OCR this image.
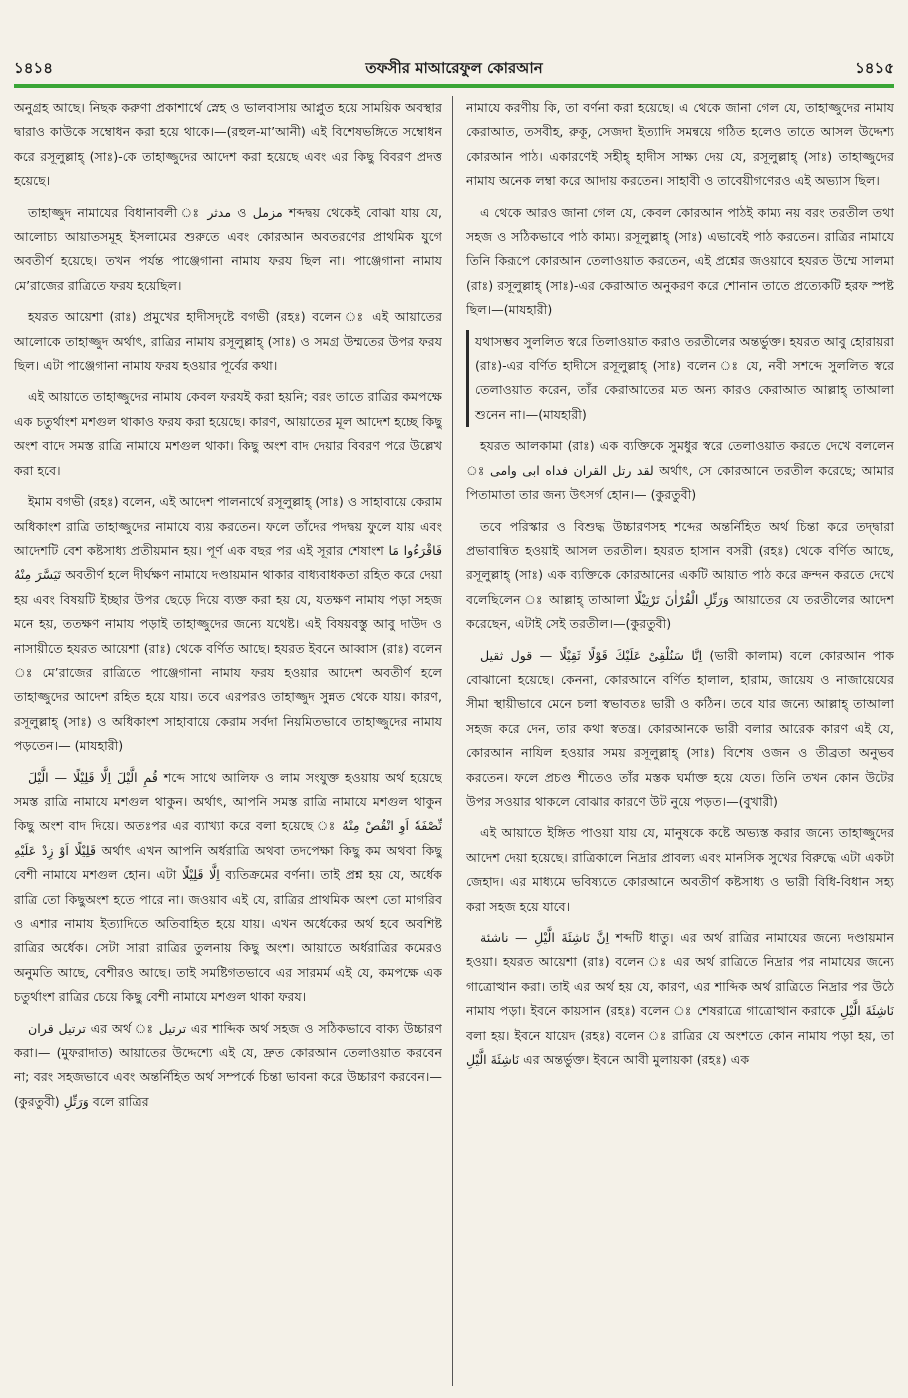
১৪১৪	তফসীর মাআরেফুল কোরআন	১৪১৫

অনুগ্রহ আছে। নিছক করুণা প্রকাশার্থে স্নেহ ও ভালবাসায় আপ্লুত হয়ে সাময়িক অবস্থার দ্বারাও কাউকে সম্বোধন করা হয়ে থাকে।—(রহুল-মা’আনী) এই বিশেষভঙ্গিতে সম্বোধন করে রসূলুল্লাহ্ (সাঃ)-কে তাহাজ্জুদের আদেশ করা হয়েছে এবং এর কিছু বিবরণ প্রদত্ত হয়েছে।

তাহাজ্জুদ নামাযের বিধানাবলী ঃ مدثر ও مزمل শব্দদ্বয় থেকেই বোঝা যায় যে, আলোচ্য আয়াতসমূহ ইসলামের শুরুতে এবং কোরআন অবতরণের প্রাথমিক যুগে অবতীর্ণ হয়েছে। তখন পর্যন্ত পাঞ্জেগানা নামায ফরয ছিল না। পাঞ্জেগানা নামায মে’রাজের রাত্রিতে ফরয হয়েছিল।

হযরত আয়েশা (রাঃ) প্রমুখের হাদীসদৃষ্টে বগভী (রহঃ) বলেন ঃ এই আয়াতের আলোকে তাহাজ্জুদ অর্থাৎ, রাত্রির নামায রসূলুল্লাহ্ (সাঃ) ও সমগ্র উম্মতের উপর ফরয ছিল। এটা পাঞ্জেগানা নামায ফরয হওয়ার পূর্বের কথা।

এই আয়াতে তাহাজ্জুদের নামায কেবল ফরযই করা হয়নি; বরং তাতে রাত্রির কমপক্ষে এক চতুর্থাংশ মশগুল থাকাও ফরয করা হয়েছে। কারণ, আয়াতের মূল আদেশ হচ্ছে কিছু অংশ বাদে সমস্ত রাত্রি নামাযে মশগুল থাকা। কিছু অংশ বাদ দেয়ার বিবরণ পরে উল্লেখ করা হবে।

ইমাম বগভী (রহঃ) বলেন, এই আদেশ পালনার্থে রসূলুল্লাহ্ (সাঃ) ও সাহাবায়ে কেরাম অধিকাংশ রাত্রি তাহাজ্জুদের নামাযে ব্যয় করতেন। ফলে তাঁদের পদদ্বয় ফুলে যায় এবং আদেশটি বেশ কষ্টসাধ্য প্রতীয়মান হয়। পূর্ণ এক বছর পর এই সূরার শেষাংশ فَاقْرَءُوا مَا تَيَسَّرَ مِنْهُ অবতীর্ণ হলে দীর্ঘক্ষণ নামাযে দণ্ডায়মান থাকার বাধ্যবাধকতা রহিত করে দেয়া হয় এবং বিষয়টি ইচ্ছার উপর ছেড়ে দিয়ে ব্যক্ত করা হয় যে, যতক্ষণ নামায পড়া সহজ মনে হয়, ততক্ষণ নামায পড়াই তাহাজ্জুদের জন্যে যথেষ্ট। এই বিষয়বস্তু আবু দাউদ ও নাসায়ীতে হযরত আয়েশা (রাঃ) থেকে বর্ণিত আছে। হযরত ইবনে আব্বাস (রাঃ) বলেন ঃ মে’রাজের রাত্রিতে পাঞ্জেগানা নামায ফরয হওয়ার আদেশ অবতীর্ণ হলে তাহাজ্জুদের আদেশ রহিত হয়ে যায়। তবে এরপরও তাহাজ্জুদ সুন্নত থেকে যায়। কারণ, রসূলুল্লাহ্ (সাঃ) ও অধিকাংশ সাহাবায়ে কেরাম সর্বদা নিয়মিতভাবে তাহাজ্জুদের নামায পড়তেন।— (মাযহারী)

قُمِ الَّيْلَ اِلَّا قَلِيْلًا — الَّيْلَ শব্দে সাথে আলিফ ও লাম সংযুক্ত হওয়ায় অর্থ হয়েছে সমস্ত রাত্রি নামাযে মশগুল থাকুন। অর্থাৎ, আপনি সমস্ত রাত্রি নামাযে মশগুল থাকুন কিছু অংশ বাদ দিয়ে। অতঃপর এর ব্যাখ্যা করে বলা হয়েছে ঃ نِّصْفَهٗ اَوِ انْقُصْ مِنْهُ قَلِيْلًا اَوْ زِدْ عَلَيْهِ অর্থাৎ এখন আপনি অর্ধরাত্রি অথবা তদপেক্ষা কিছু কম অথবা কিছু বেশী নামাযে মশগুল হোন। এটা اِلَّا قَلِيْلًا ব্যতিক্রমের বর্ণনা। তাই প্রশ্ন হয় যে, অর্ধেক রাত্রি তো কিছুঅংশ হতে পারে না। জওয়াব এই যে, রাত্রির প্রাথমিক অংশ তো মাগরিব ও এশার নামায ইত্যাদিতে অতিবাহিত হয়ে যায়। এখন অর্ধেকের অর্থ হবে অবশিষ্ট রাত্রির অর্ধেক। সেটা সারা রাত্রির তুলনায় কিছু অংশ। আয়াতে অর্ধরাত্রির কমেরও অনুমতি আছে, বেশীরও আছে। তাই সমষ্টিগতভাবে এর সারমর্ম এই যে, কমপক্ষে এক চতুর্থাংশ রাত্রির চেয়ে কিছু বেশী নামাযে মশগুল থাকা ফরয।

ترتيل قران এর অর্থ ঃ ترتيل এর শাব্দিক অর্থ সহজ ও সঠিকভাবে বাক্য উচ্চারণ করা।— (মুফরাদাত) আয়াতের উদ্দেশ্যে এই যে, দ্রুত কোরআন তেলাওয়াত করবেন না; বরং সহজভাবে এবং অন্তর্নিহিত অর্থ সম্পর্কে চিন্তা ভাবনা করে উচ্চারণ করবেন।—(কুরতুবী) وَرَتِّلِ বলে রাত্রির

নামাযে করণীয় কি, তা বর্ণনা করা হয়েছে। এ থেকে জানা গেল যে, তাহাজ্জুদের নামায কেরাআত, তসবীহ, রুকূ, সেজদা ইত্যাদি সমন্বয়ে গঠিত হলেও তাতে আসল উদ্দেশ্য কোরআন পাঠ। একারণেই সহীহ্ হাদীস সাক্ষ্য দেয় যে, রসূলুল্লাহ্ (সাঃ) তাহাজ্জুদের নামায অনেক লম্বা করে আদায় করতেন। সাহাবী ও তাবেয়ীগণেরও এই অভ্যাস ছিল।

এ থেকে আরও জানা গেল যে, কেবল কোরআন পাঠই কাম্য নয় বরং তরতীল তথা সহজ ও সঠিকভাবে পাঠ কাম্য। রসূলুল্লাহ্ (সাঃ) এভাবেই পাঠ করতেন। রাত্রির নামাযে তিনি কিরূপে কোরআন তেলাওয়াত করতেন, এই প্রশ্নের জওয়াবে হযরত উম্মে সালমা (রাঃ) রসূলুল্লাহ্ (সাঃ)-এর কেরাআত অনুকরণ করে শোনান তাতে প্রত্যেকটি হরফ স্পষ্ট ছিল।—(মাযহারী)

যথাসম্ভব সুললিত স্বরে তিলাওয়াত করাও তরতীলের অন্তর্ভুক্ত। হযরত আবু হোরায়রা (রাঃ)-এর বর্ণিত হাদীসে রসূলুল্লাহ্ (সাঃ) বলেন ঃ যে, নবী সশব্দে সুললিত স্বরে তেলাওয়াত করেন, তাঁর কেরাআতের মত অন্য কারও কেরাআত আল্লাহ্ তাআলা শুনেন না।—(মাযহারী)

হযরত আলকামা (রাঃ) এক ব্যক্তিকে সুমধুর স্বরে তেলাওয়াত করতে দেখে বললেন ঃ لقد رتل القران فداه ابى وامى অর্থাৎ, সে কোরআনে তরতীল করেছে; আমার পিতামাতা তার জন্য উৎসর্গ হোন।— (কুরতুবী)

তবে পরিস্কার ও বিশুদ্ধ উচ্চারণসহ শব্দের অন্তর্নিহিত অর্থ চিন্তা করে তদ্দ্বারা প্রভাবান্বিত হওয়াই আসল তরতীল। হযরত হাসান বসরী (রহঃ) থেকে বর্ণিত আছে, রসূলুল্লাহ্ (সাঃ) এক ব্যক্তিকে কোরআনের একটি আয়াত পাঠ করে ক্রন্দন করতে দেখে বলেছিলেন ঃ আল্লাহ্ তাআলা وَرَتِّلِ الْقُرْاٰنَ تَرْتِيْلًا আয়াতের যে তরতীলের আদেশ করেছেন, এটাই সেই তরতীল।—(কুরতুবী)

اِنَّا سَنُلْقِىْ عَلَيْكَ قَوْلًا ثَقِيْلًا — قول ثقيل (ভারী কালাম) বলে কোরআন পাক বোঝানো হয়েছে। কেননা, কোরআনে বর্ণিত হালাল, হারাম, জায়েয ও নাজায়েযের সীমা স্থায়ীভাবে মেনে চলা স্বভাবতঃ ভারী ও কঠিন। তবে যার জন্যে আল্লাহ্ তাআলা সহজ করে দেন, তার কথা স্বতন্ত্র। কোরআনকে ভারী বলার আরেক কারণ এই যে, কোরআন নাযিল হওয়ার সময় রসূলুল্লাহ্ (সাঃ) বিশেষ ওজন ও তীব্রতা অনুভব করতেন। ফলে প্রচণ্ড শীতেও তাঁর মস্তক ঘর্মাক্ত হয়ে যেত। তিনি তখন কোন উটের উপর সওয়ার থাকলে বোঝার কারণে উট নুয়ে পড়ত।—(বুখারী)

এই আয়াতে ইঙ্গিত পাওয়া যায় যে, মানুষকে কষ্টে অভ্যস্ত করার জন্যে তাহাজ্জুদের আদেশ দেয়া হয়েছে। রাত্রিকালে নিদ্রার প্রাবল্য এবং মানসিক সুখের বিরুদ্ধে এটা একটা জেহাদ। এর মাধ্যমে ভবিষ্যতে কোরআনে অবতীর্ণ কষ্টসাধ্য ও ভারী বিধি-বিধান সহ্য করা সহজ হয়ে যাবে।

اِنَّ نَاشِئَةَ الَّيْلِ — ناشئة শব্দটি ধাতু। এর অর্থ রাত্রির নামাযের জন্যে দণ্ডায়মান হওয়া। হযরত আয়েশা (রাঃ) বলেন ঃ এর অর্থ রাত্রিতে নিদ্রার পর নামাযের জন্যে গাত্রোত্থান করা। তাই এর অর্থ হয় যে, কারণ, এর শাব্দিক অর্থ রাত্রিতে নিদ্রার পর উঠে নামায পড়া। ইবনে কায়সান (রহঃ) বলেন ঃ শেষরাত্রে গাত্রোত্থান করাকে نَاشِئَةَ الَّيْلِ বলা হয়। ইবনে যায়েদ (রহঃ) বলেন ঃ রাত্রির যে অংশতে কোন নামায পড়া হয়, তা نَاشِئَةَ الَّيْلِ এর অন্তর্ভুক্ত। ইবনে আবী মুলায়কা (রহঃ) এক
